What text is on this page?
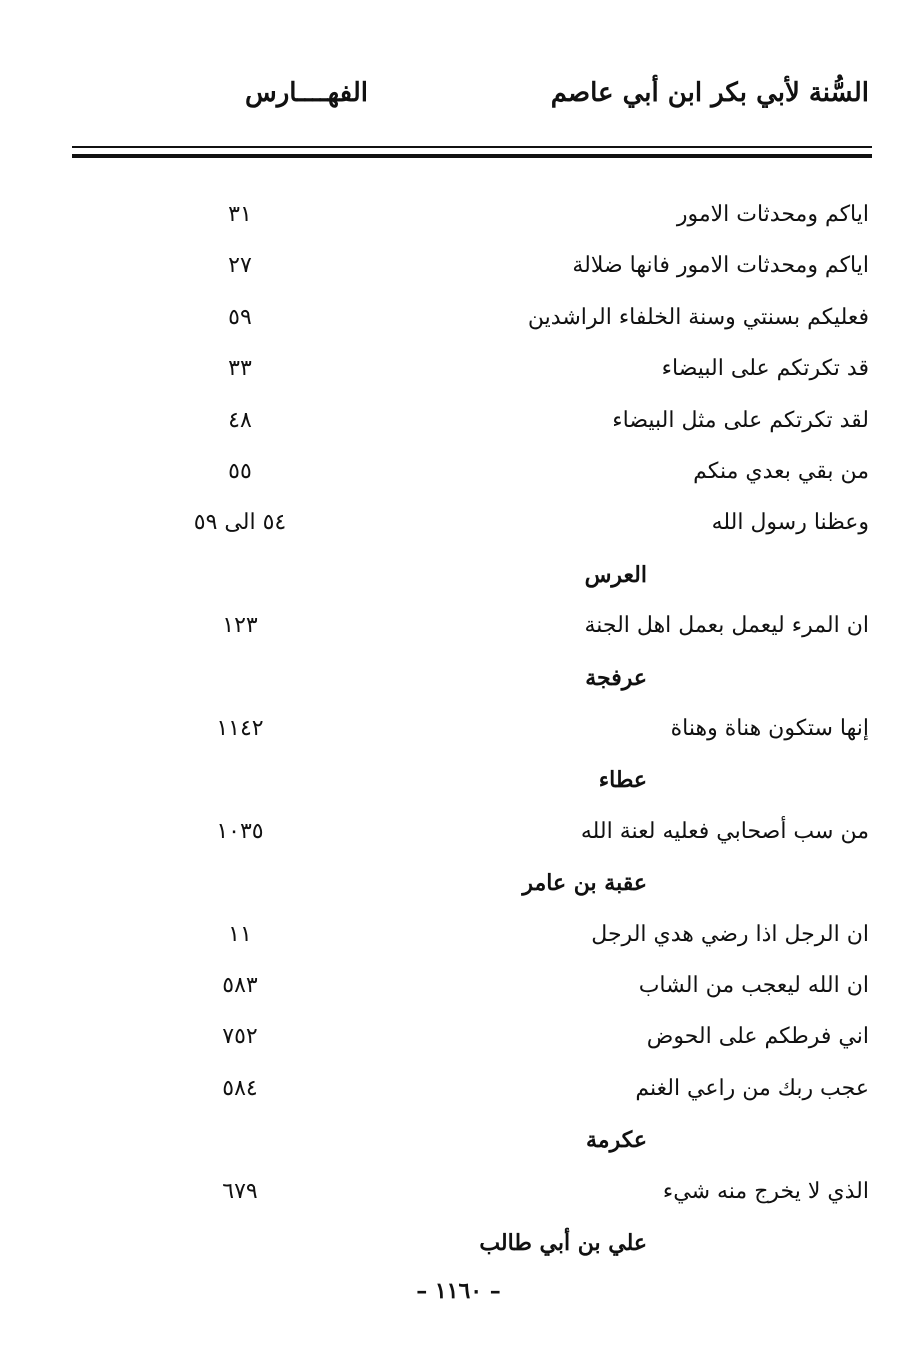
السُّنة لأبي بكر ابن أبي عاصم
الفهــــارس
اياكم ومحدثات الامور
٣١
اياكم ومحدثات الامور فانها ضلالة
٢٧
فعليكم بسنتي وسنة الخلفاء الراشدين
٥٩
قد تكرتكم على البيضاء
٣٣
لقد تكرتكم على مثل البيضاء
٤٨
من بقي بعدي منكم
٥٥
وعظنا رسول الله
٥٤ الى ٥٩
العرس
ان المرء ليعمل بعمل اهل الجنة
١٢٣
عرفجة
إنها ستكون هناة وهناة
١١٤٢
عطاء
من سب أصحابي فعليه لعنة الله
١٠٣٥
عقبة بن عامر
ان الرجل اذا رضي هدي الرجل
١١
ان الله ليعجب من الشاب
٥٨٣
اني فرطكم على الحوض
٧٥٢
عجب ربك من راعي الغنم
٥٨٤
عكرمة
الذي لا يخرج منه شيء
٦٧٩
علي بن أبي طالب
– ١١٦٠ –
